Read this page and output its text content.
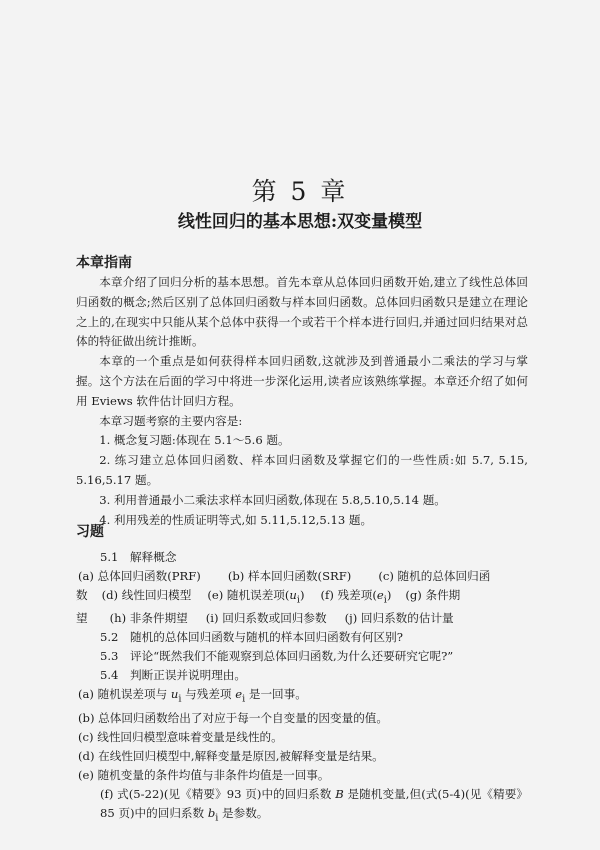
第 5 章
线性回归的基本思想:双变量模型
本章指南

本章介绍了回归分析的基本思想。首先本章从总体回归函数开始,建立了线性总体回归函数的概念;然后区别了总体回归函数与样本回归函数。总体回归函数只是建立在理论之上的,在现实中只能从某个总体中获得一个或若干个样本进行回归,并通过回归结果对总体的特征做出统计推断。

本章的一个重点是如何获得样本回归函数,这就涉及到普通最小二乘法的学习与掌握。这个方法在后面的学习中将进一步深化运用,读者应该熟练掌握。本章还介绍了如何用 Eviews 软件估计回归方程。

本章习题考察的主要内容是:

1. 概念复习题:体现在 5.1～5.6 题。

2. 练习建立总体回归函数、样本回归函数及掌握它们的一些性质:如 5.7, 5.15, 5.16,5.17 题。

3. 利用普通最小二乘法求样本回归函数,体现在 5.8,5.10,5.14 题。

4. 利用残差的性质证明等式,如 5.11,5.12,5.13 题。

习题

5.1　解释概念

(a) 总体回归函数(PRF) (b) 样本回归函数(SRF) (c) 随机的总体回归函

数 (d) 线性回归模型 (e) 随机误差项$(u_i)$ (f) 残差项$(e_i)$ (g) 条件期

望 (h) 非条件期望 (i) 回归系数或回归参数 (j) 回归系数的估计量

5.2　随机的总体回归函数与随机的样本回归函数有何区别?

5.3　评论“既然我们不能观察到总体回归函数,为什么还要研究它呢?”

5.4　判断正误并说明理由。

(a) 随机误差项与 $u_i$ 与残差项 $e_i$ 是一回事。

(b) 总体回归函数给出了对应于每一个自变量的因变量的值。

(c) 线性回归模型意味着变量是线性的。

(d) 在线性回归模型中,解释变量是原因,被解释变量是结果。

(e) 随机变量的条件均值与非条件均值是一回事。

(f) 式(5-22)(见《精要》93 页)中的回归系数 B 是随机变量,但(式(5-4)(见《精要》85 页)中的回归系数 $b_i$ 是参数。
